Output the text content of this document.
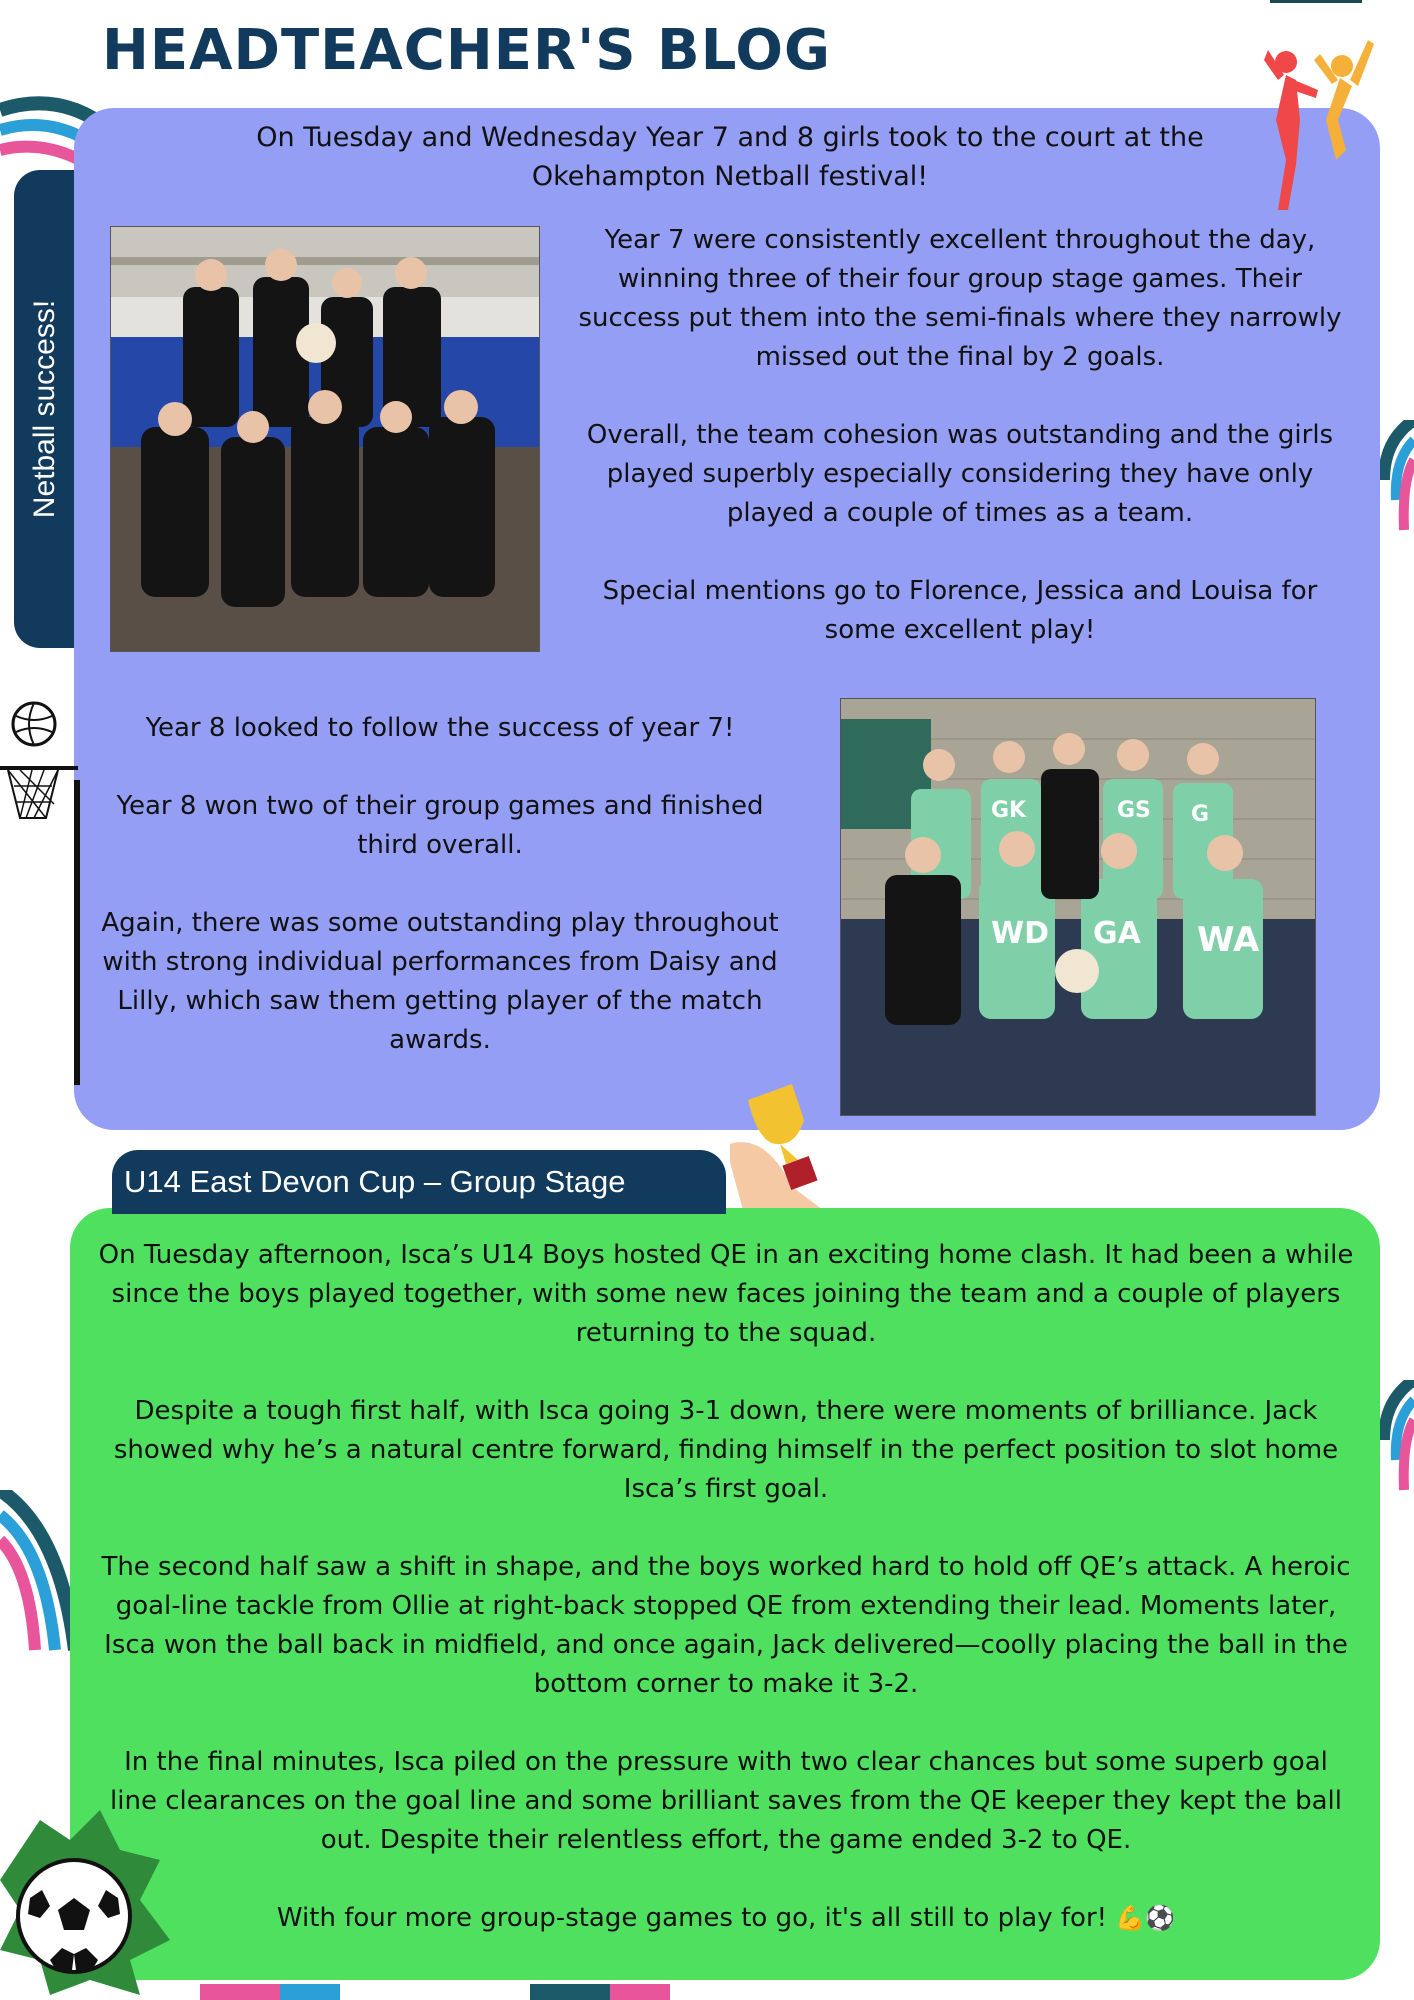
HEADTEACHER'S BLOG
Netball success!

On Tuesday and Wednesday Year 7 and 8 girls took to the court at the Okehampton Netball festival!

Year 7 were consistently excellent throughout the day, winning three of their four group stage games. Their success put them into the semi-finals where they narrowly missed out the final by 2 goals.

Overall, the team cohesion was outstanding and the girls played superbly especially considering they have only played a couple of times as a team.

Special mentions go to Florence, Jessica and Louisa for some excellent play!

Year 8 looked to follow the success of year 7!

Year 8 won two of their group games and finished third overall.

Again, there was some outstanding play throughout with strong individual performances from Daisy and Lilly, which saw them getting player of the match awards.

GK	GS G
WD GA WA
U14 East Devon Cup – Group Stage

On Tuesday afternoon, Isca’s U14 Boys hosted QE in an exciting home clash. It had been a while since the boys played together, with some new faces joining the team and a couple of players returning to the squad.

Despite a tough first half, with Isca going 3-1 down, there were moments of brilliance. Jack showed why he’s a natural centre forward, finding himself in the perfect position to slot home Isca’s first goal.

The second half saw a shift in shape, and the boys worked hard to hold off QE’s attack. A heroic goal-line tackle from Ollie at right-back stopped QE from extending their lead. Moments later, Isca won the ball back in midfield, and once again, Jack delivered—coolly placing the ball in the bottom corner to make it 3-2.

In the final minutes, Isca piled on the pressure with two clear chances but some superb goal line clearances on the goal line and some brilliant saves from the QE keeper they kept the ball out. Despite their relentless effort, the game ended 3-2 to QE.

With four more group-stage games to go, it's all still to play for! 💪⚽
